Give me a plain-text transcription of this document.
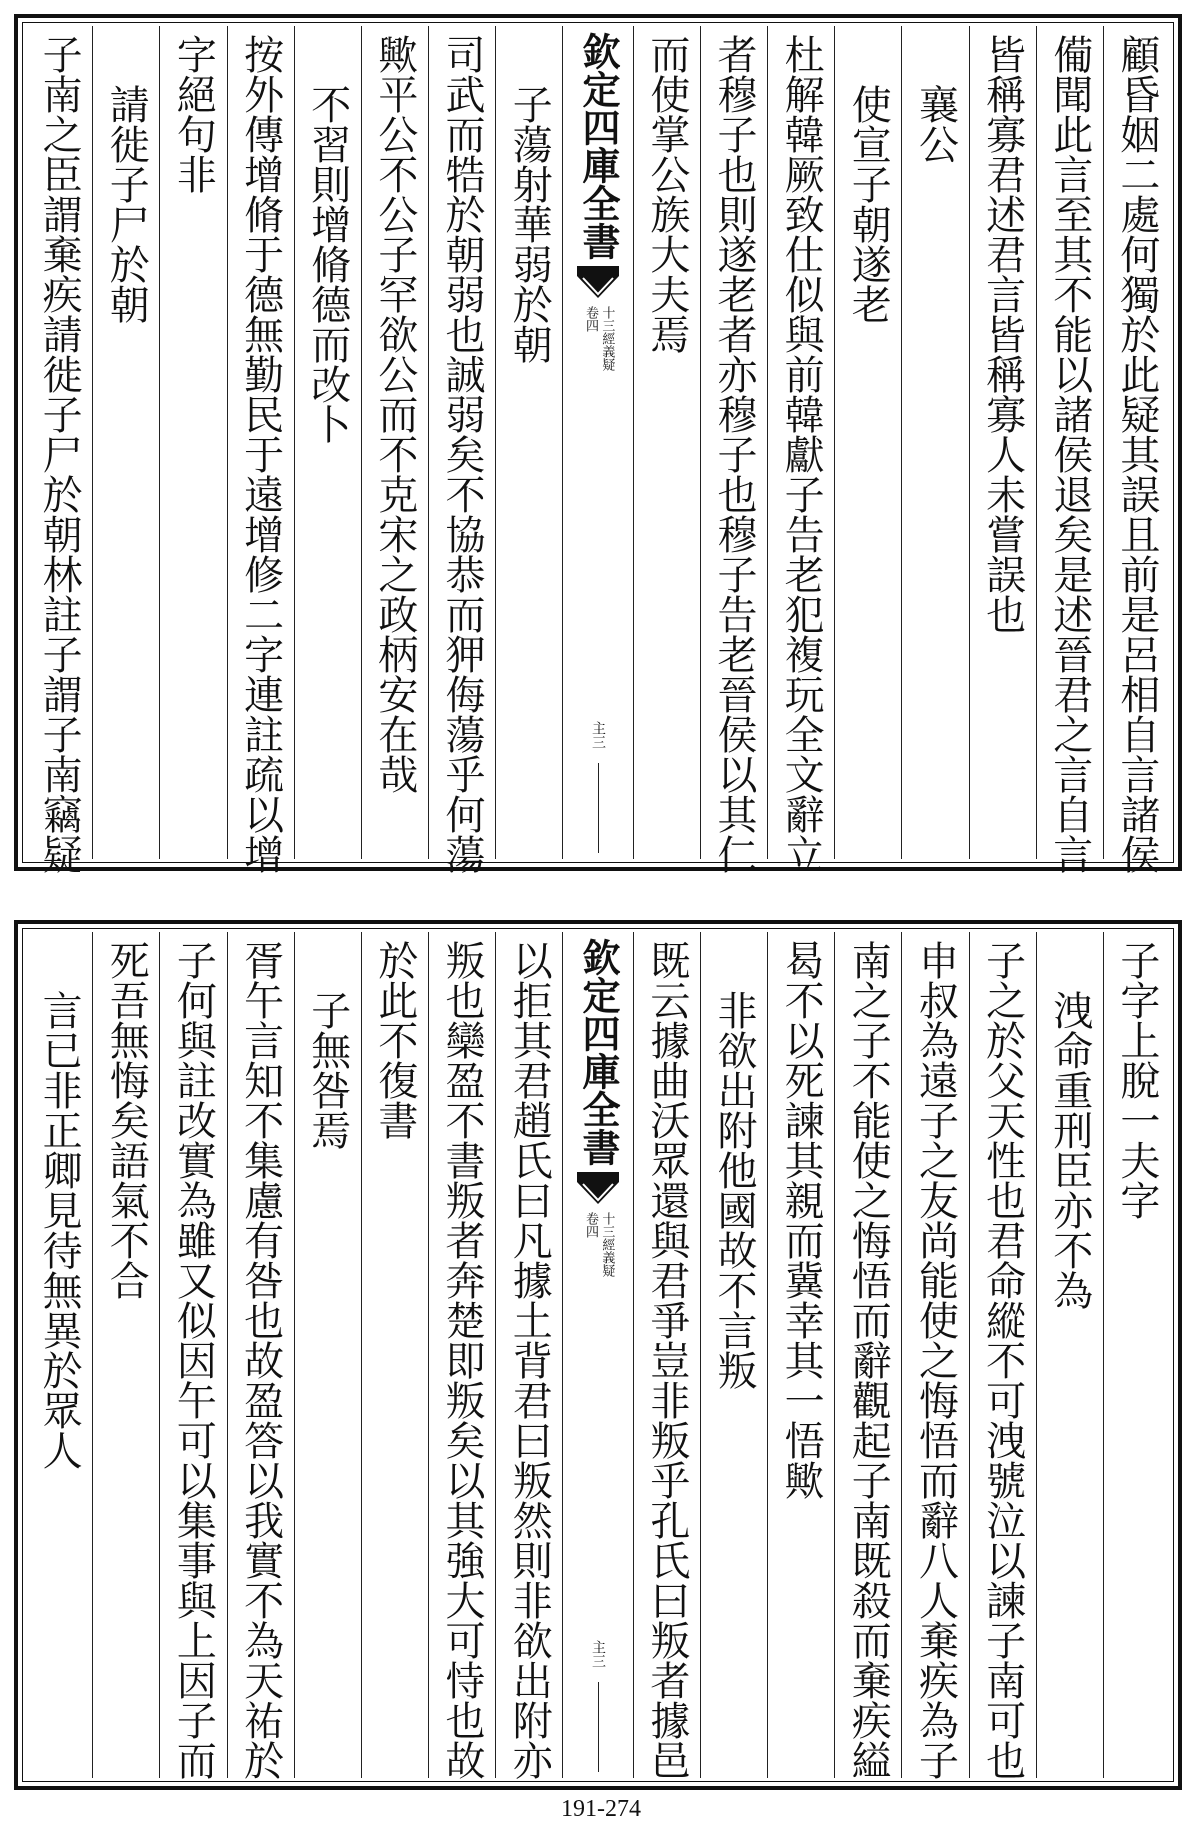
顧昏姻二處何獨於此疑其誤且前是呂相自言諸侯
僃聞此言至其不能以諸侯退矣是述晉君之言自言
皆稱寡君述君言皆稱寡人未嘗誤也
襄公
使宣子朝遂老
杜解韓厥致仕似與前韓獻子告老犯複玩全文辭立
者穆子也則遂老者亦穆子也穆子告老晉侯以其仁
而使掌公族大夫焉
欽定四庫全書
十三經義疑
卷四
主三
子蕩射華弱於朝
司武而牿於朝弱也誠弱矣不協恭而狎侮蕩乎何蕩
歟平公不公子罕欲公而不克宋之政柄安在哉
不習則增脩德而改卜
按外傳增脩于德無勤民于遠增修二字連註疏以增
字絕句非
請徙子尸於朝
子南之臣謂棄疾請徙子尸於朝林註子謂子南竊疑
子字上脫一夫字
洩命重刑臣亦不為
子之於父天性也君命縱不可洩號泣以諫子南可也
申叔為遠子之友尚能使之悔悟而辭八人棄疾為子
南之子不能使之悔悟而辭觀起子南既殺而棄疾縊
曷不以死諫其親而冀幸其一悟歟
非欲出附他國故不言叛
既云據曲沃眾還與君爭豈非叛乎孔氏曰叛者據邑
欽定四庫全書
十三經義疑
卷四
主三
以拒其君趙氏曰凡據土背君曰叛然則非欲出附亦
叛也欒盈不書叛者奔楚即叛矣以其強大可恃也故
於此不復書
子無咎焉
胥午言知不集慮有咎也故盈答以我實不為天祐於
子何與註改實為雖又似因午可以集事與上因子而
死吾無悔矣語氣不合
言已非正卿見待無異於眾人
191-274
